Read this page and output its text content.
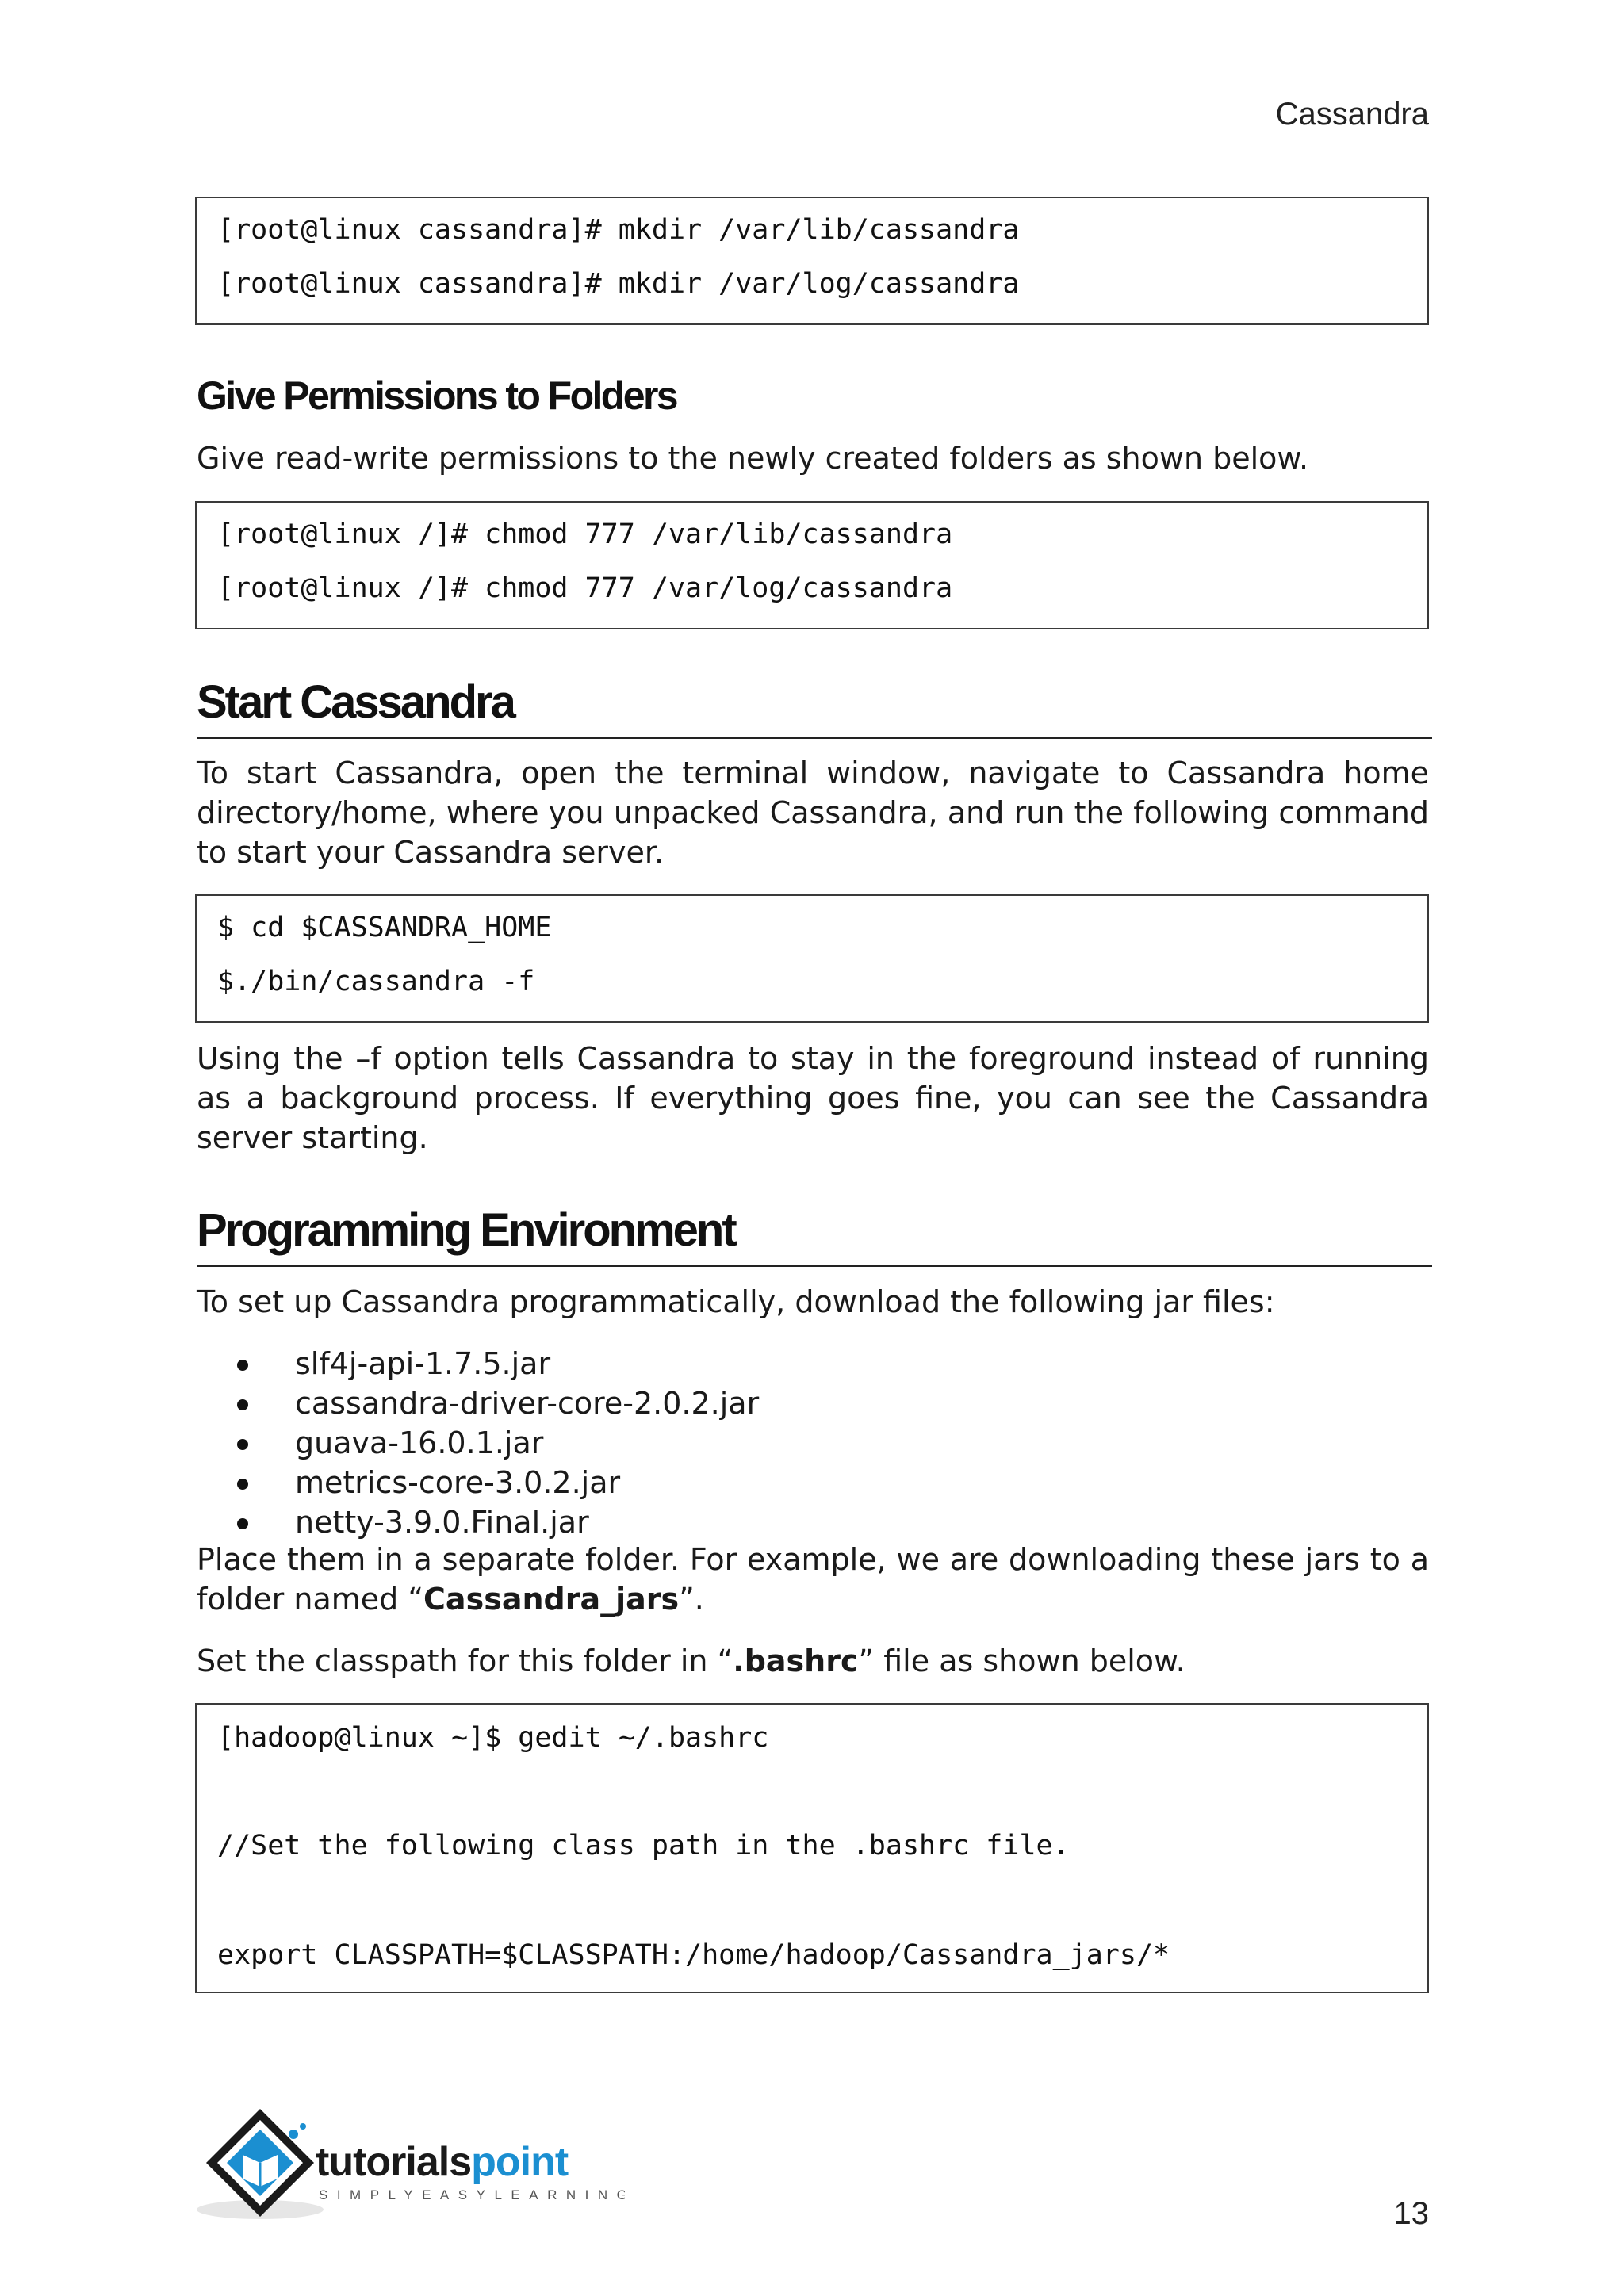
Cassandra
[root@linux cassandra]# mkdir /var/lib/cassandra
[root@linux cassandra]# mkdir /var/log/cassandra
Give Permissions to Folders
Give read-write permissions to the newly created folders as shown below.
[root@linux /]# chmod 777 /var/lib/cassandra
[root@linux /]# chmod 777 /var/log/cassandra
Start Cassandra
To start Cassandra, open the terminal window, navigate to Cassandra home directory/home, where you unpacked Cassandra, and run the following command to start your Cassandra server.
$ cd $CASSANDRA_HOME
$./bin/cassandra -f
Using the –f option tells Cassandra to stay in the foreground instead of running as a background process. If everything goes fine, you can see the Cassandra server starting.
Programming Environment
To set up Cassandra programmatically, download the following jar files:
slf4j-api-1.7.5.jar
cassandra-driver-core-2.0.2.jar
guava-16.0.1.jar
metrics-core-3.0.2.jar
netty-3.9.0.Final.jar
Place them in a separate folder. For example, we are downloading these jars to a folder named “Cassandra_jars”.
Set the classpath for this folder in “.bashrc” file as shown below.
[hadoop@linux ~]$ gedit ~/.bashrc
//Set the following class path in the .bashrc file.
export CLASSPATH=$CLASSPATH:/home/hadoop/Cassandra_jars/*
tutorialspoint
SIMPLYEASYLEARNING
13
